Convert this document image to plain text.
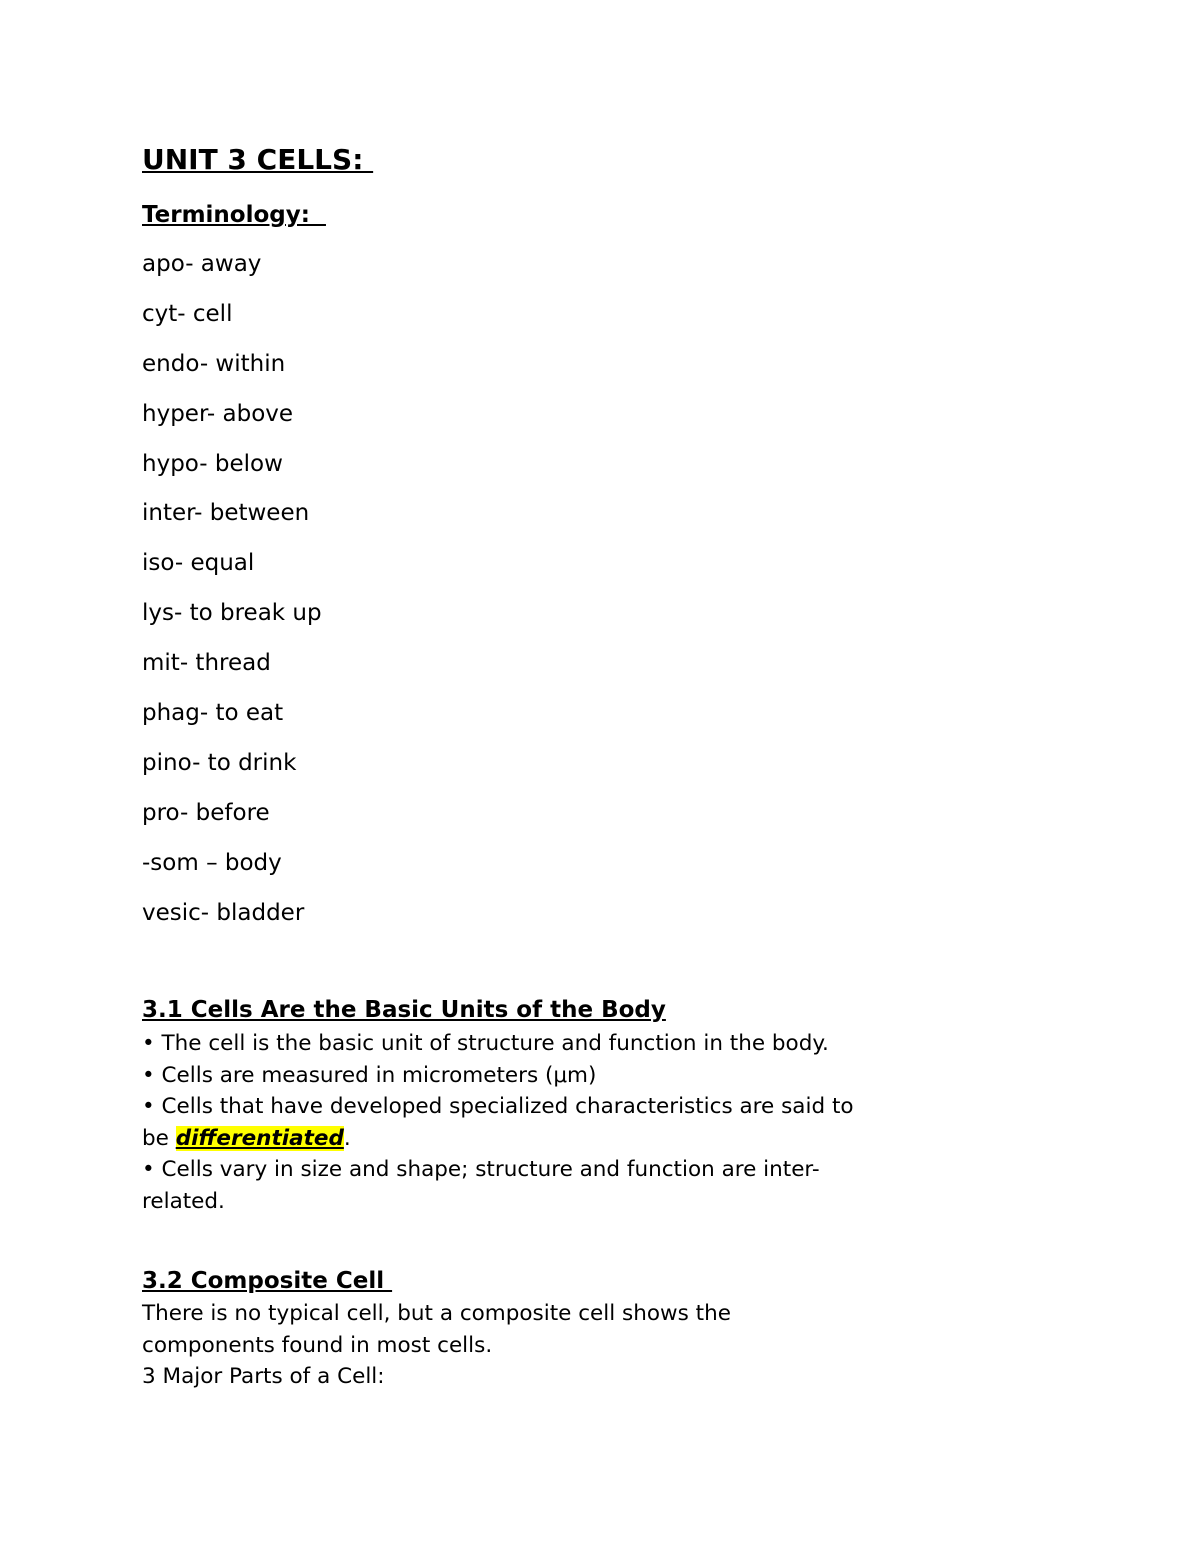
UNIT 3 CELLS:
Terminology:
apo- away
cyt- cell
endo- within
hyper- above
hypo- below
inter- between
iso- equal
lys- to break up
mit- thread
phag- to eat
pino- to drink
pro- before
-som – body
vesic- bladder
3.1 Cells Are the Basic Units of the Body

• The cell is the basic unit of structure and function in the body.

• Cells are measured in micrometers (μm)

• Cells that have developed specialized characteristics are said to be differentiated.

• Cells vary in size and shape; structure and function are inter-related.

3.2 Composite Cell

There is no typical cell, but a composite cell shows the components found in most cells.

3 Major Parts of a Cell:
